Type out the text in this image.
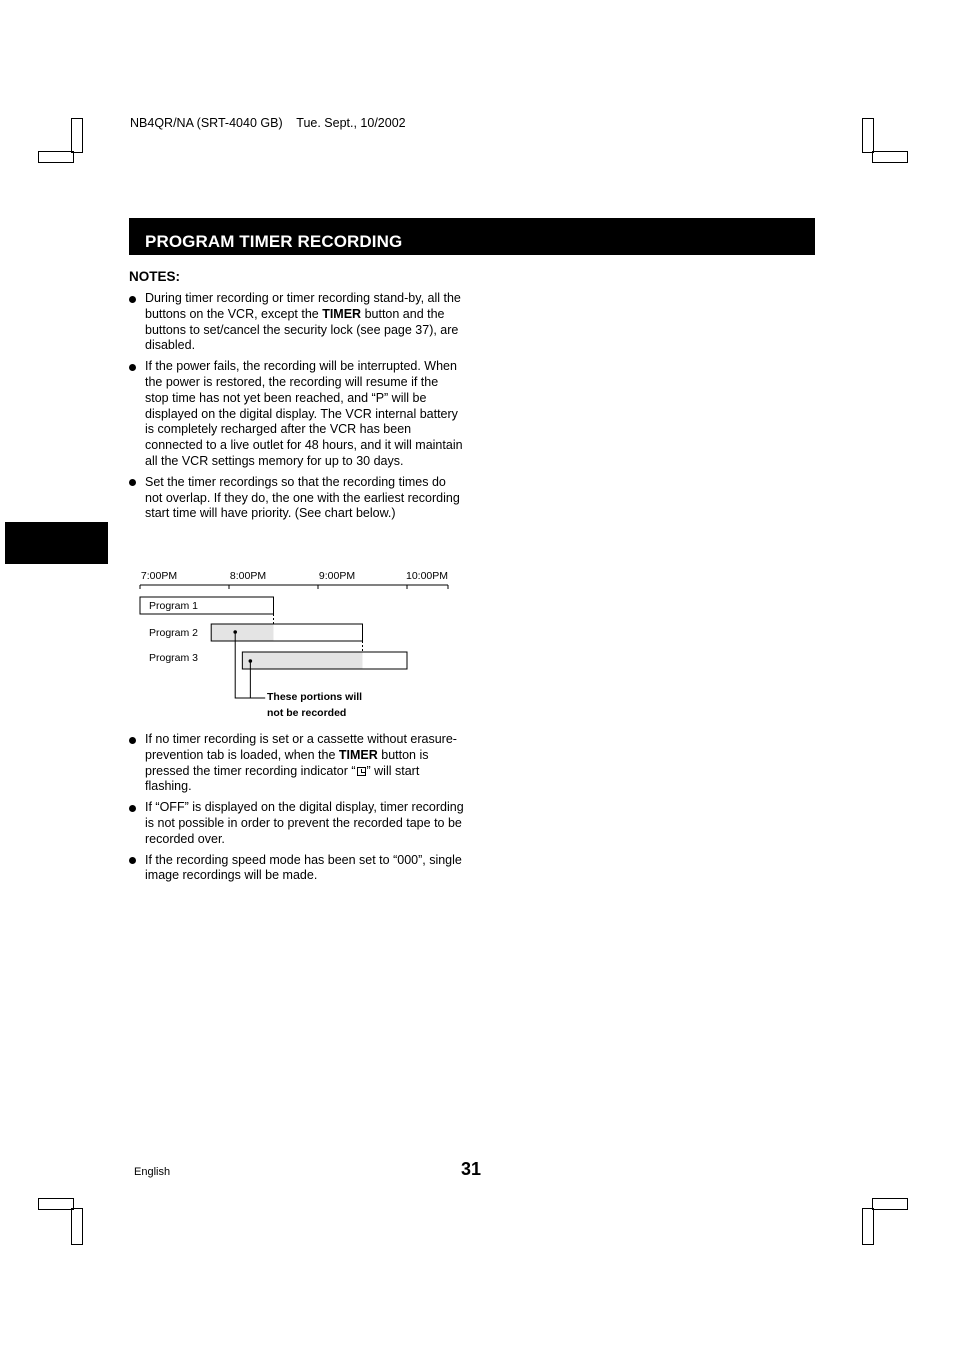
NB4QR/NA (SRT-4040 GB) Tue. Sept., 10/2002
PROGRAM TIMER RECORDING
NOTES:
During timer recording or timer recording stand-by, all the buttons on the VCR, except the TIMER button and the buttons to set/cancel the security lock (see page 37), are disabled.
If the power fails, the recording will be interrupted. When the power is restored, the recording will resume if the stop time has not yet been reached, and “P” will be displayed on the digital display. The VCR internal battery is completely recharged after the VCR has been connected to a live outlet for 48 hours, and it will maintain all the VCR settings memory for up to 30 days.
Set the timer recordings so that the recording times do not overlap. If they do, the one with the earliest recording start time will have priority. (See chart below.)
7:00PM	8:00PM	9:00PM	10:00PM
Program 1
Program 2
Program 3
These portions will
not be recorded
If no timer recording is set or a cassette without erasure-prevention tab is loaded, when the TIMER button is pressed the timer recording indicator “ ” will start flashing.
If “OFF” is displayed on the digital display, timer recording is not possible in order to prevent the recorded tape to be recorded over.
If the recording speed mode has been set to “000”, single image recordings will be made.
English	31
